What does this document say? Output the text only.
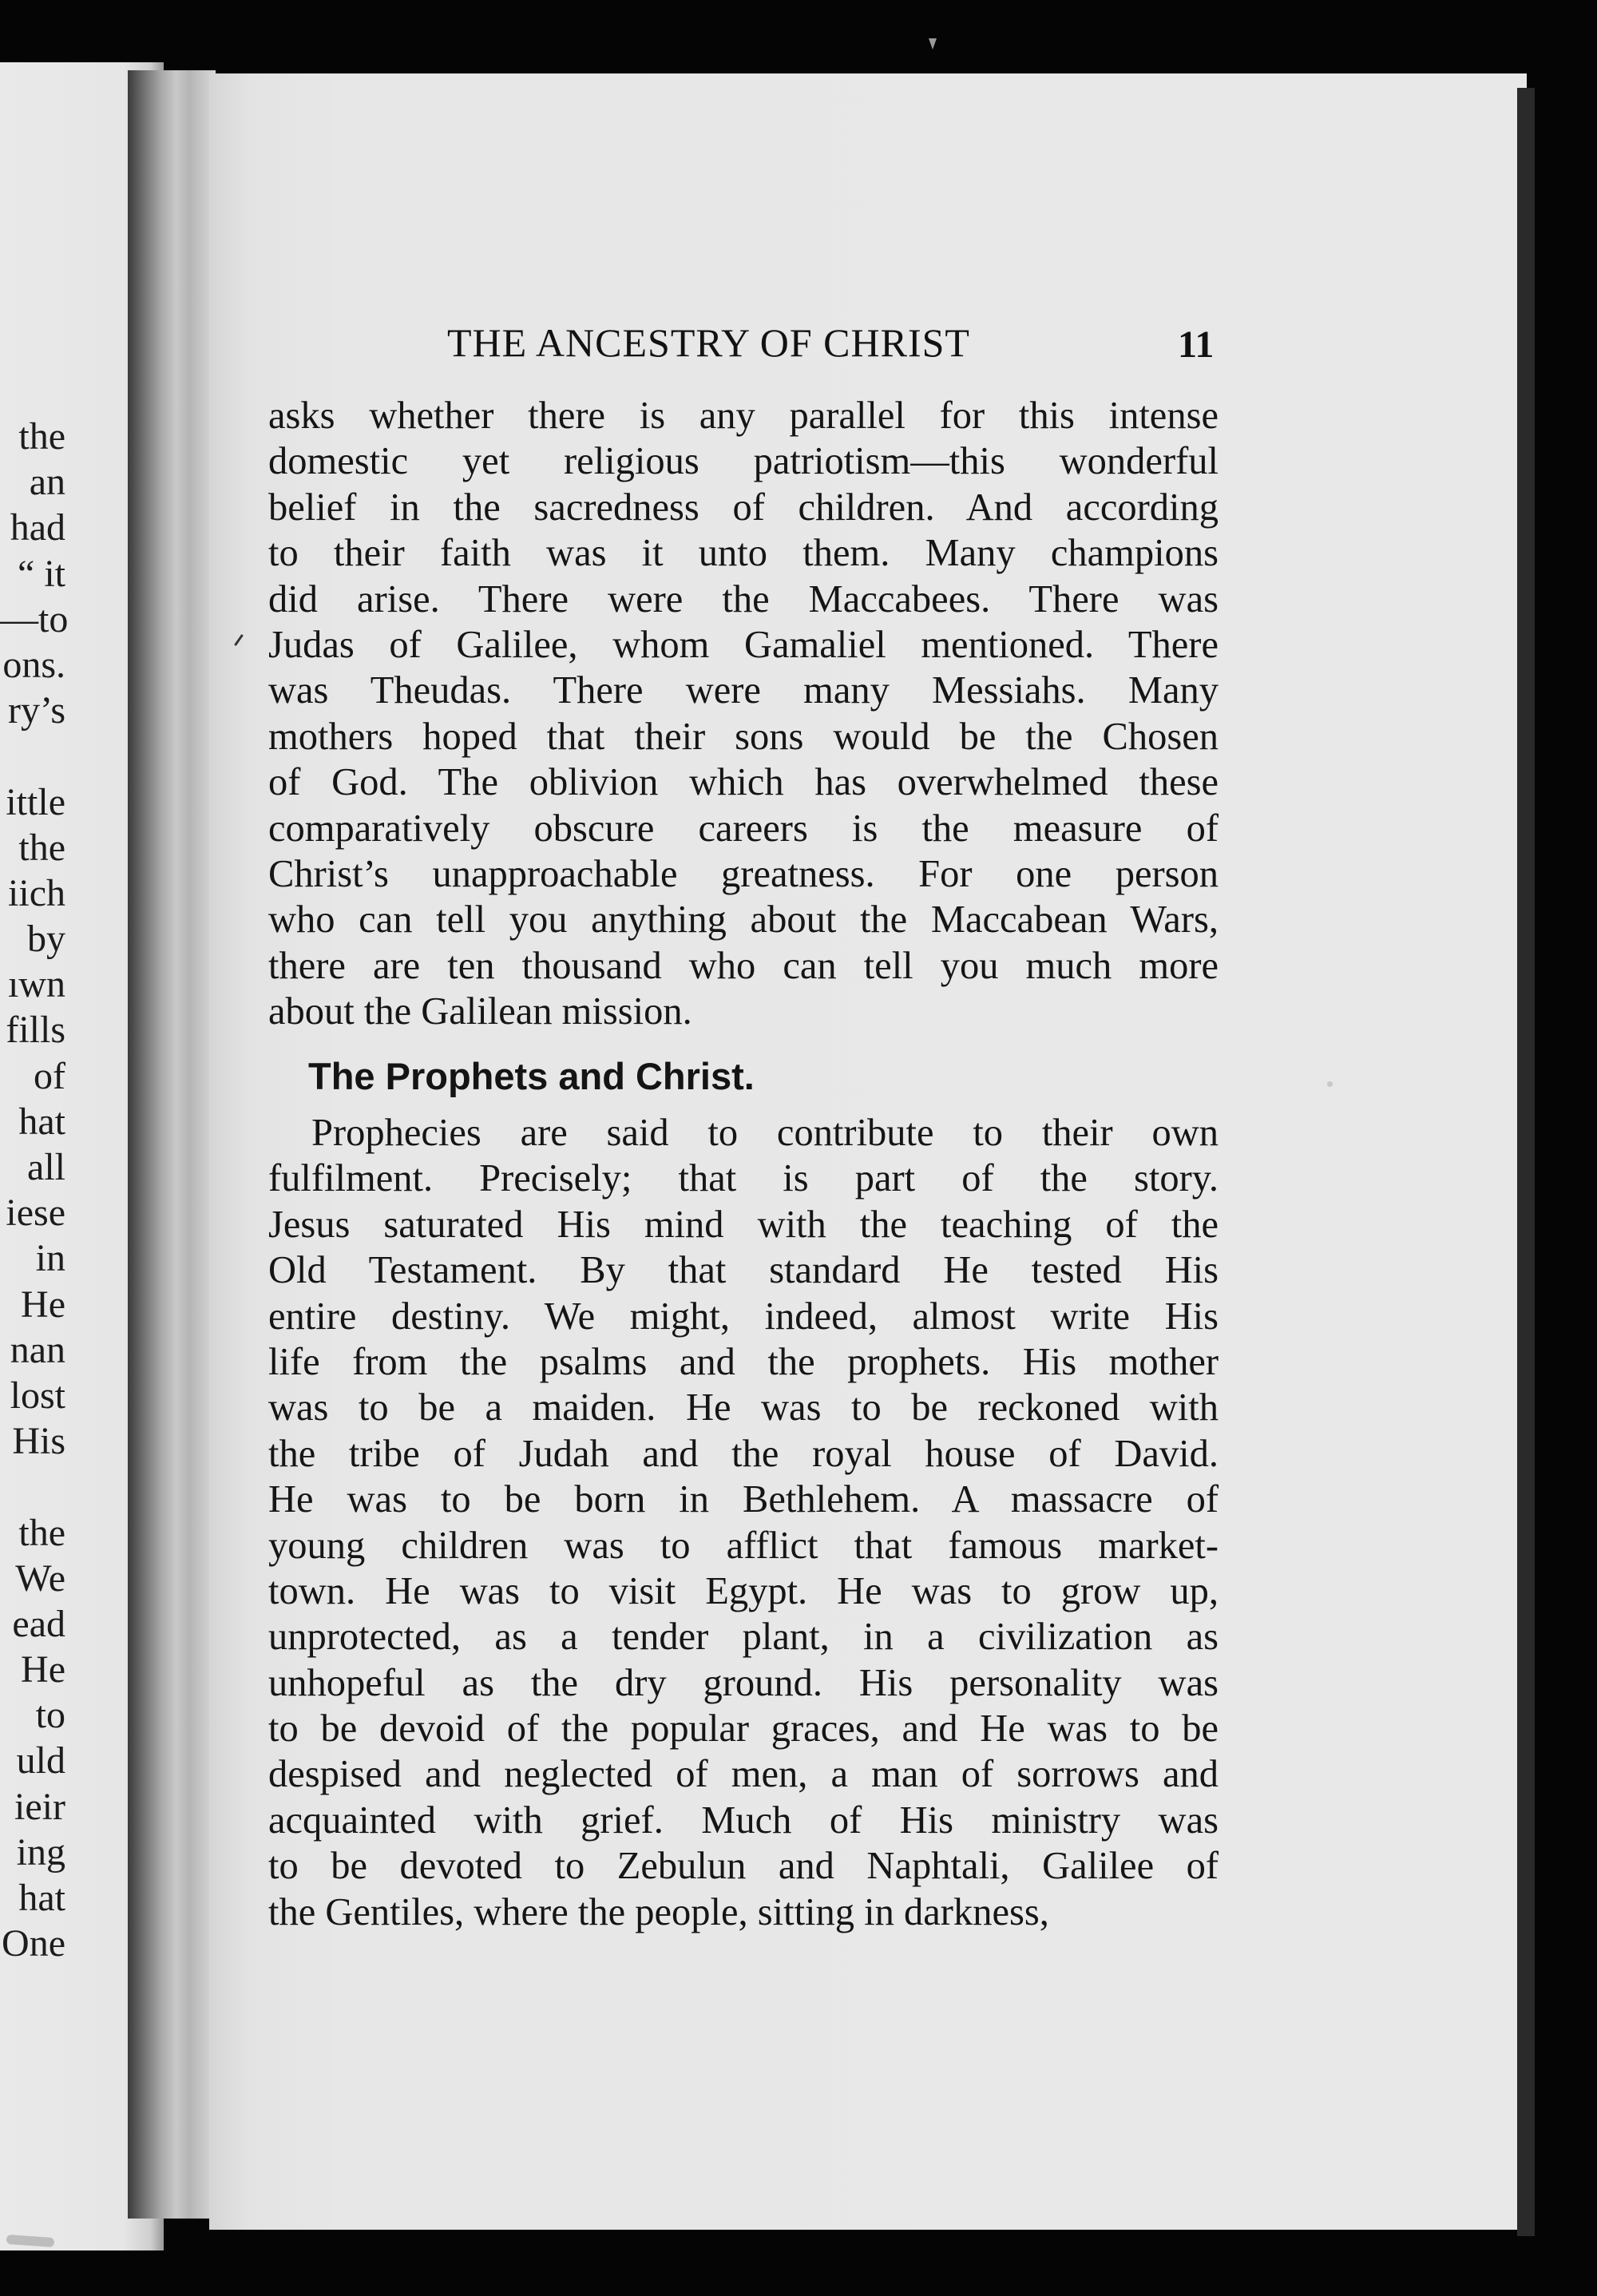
the
an
had
“ it
—to
ons.
ry’s
ittle
the
iich
by
ıwn
fills
of
hat
all
iese
in
He
nan
lost
His
the
We
ead
He
to
uld
ieir
ing
hat
One
THE ANCESTRY OF CHRIST	11
asks whether there is any parallel for this intense
domestic yet religious patriotism—this wonderful
belief in the sacredness of children. And according
to their faith was it unto them. Many champions
did arise. There were the Maccabees. There was
Judas of Galilee, whom Gamaliel mentioned. There
was Theudas. There were many Messiahs. Many
mothers hoped that their sons would be the Chosen
of God. The oblivion which has overwhelmed these
comparatively obscure careers is the measure of
Christ’s unapproachable greatness. For one person
who can tell you anything about the Maccabean Wars,
there are ten thousand who can tell you much more
about the Galilean mission.
The Prophets and Christ.
Prophecies are said to contribute to their own
fulfilment. Precisely; that is part of the story.
Jesus saturated His mind with the teaching of the
Old Testament. By that standard He tested His
entire destiny. We might, indeed, almost write His
life from the psalms and the prophets. His mother
was to be a maiden. He was to be reckoned with
the tribe of Judah and the royal house of David.
He was to be born in Bethlehem. A massacre of
young children was to afflict that famous market-
town. He was to visit Egypt. He was to grow up,
unprotected, as a tender plant, in a civilization as
unhopeful as the dry ground. His personality was
to be devoid of the popular graces, and He was to be
despised and neglected of men, a man of sorrows and
acquainted with grief. Much of His ministry was
to be devoted to Zebulun and Naphtali, Galilee of
the Gentiles, where the people, sitting in darkness,
